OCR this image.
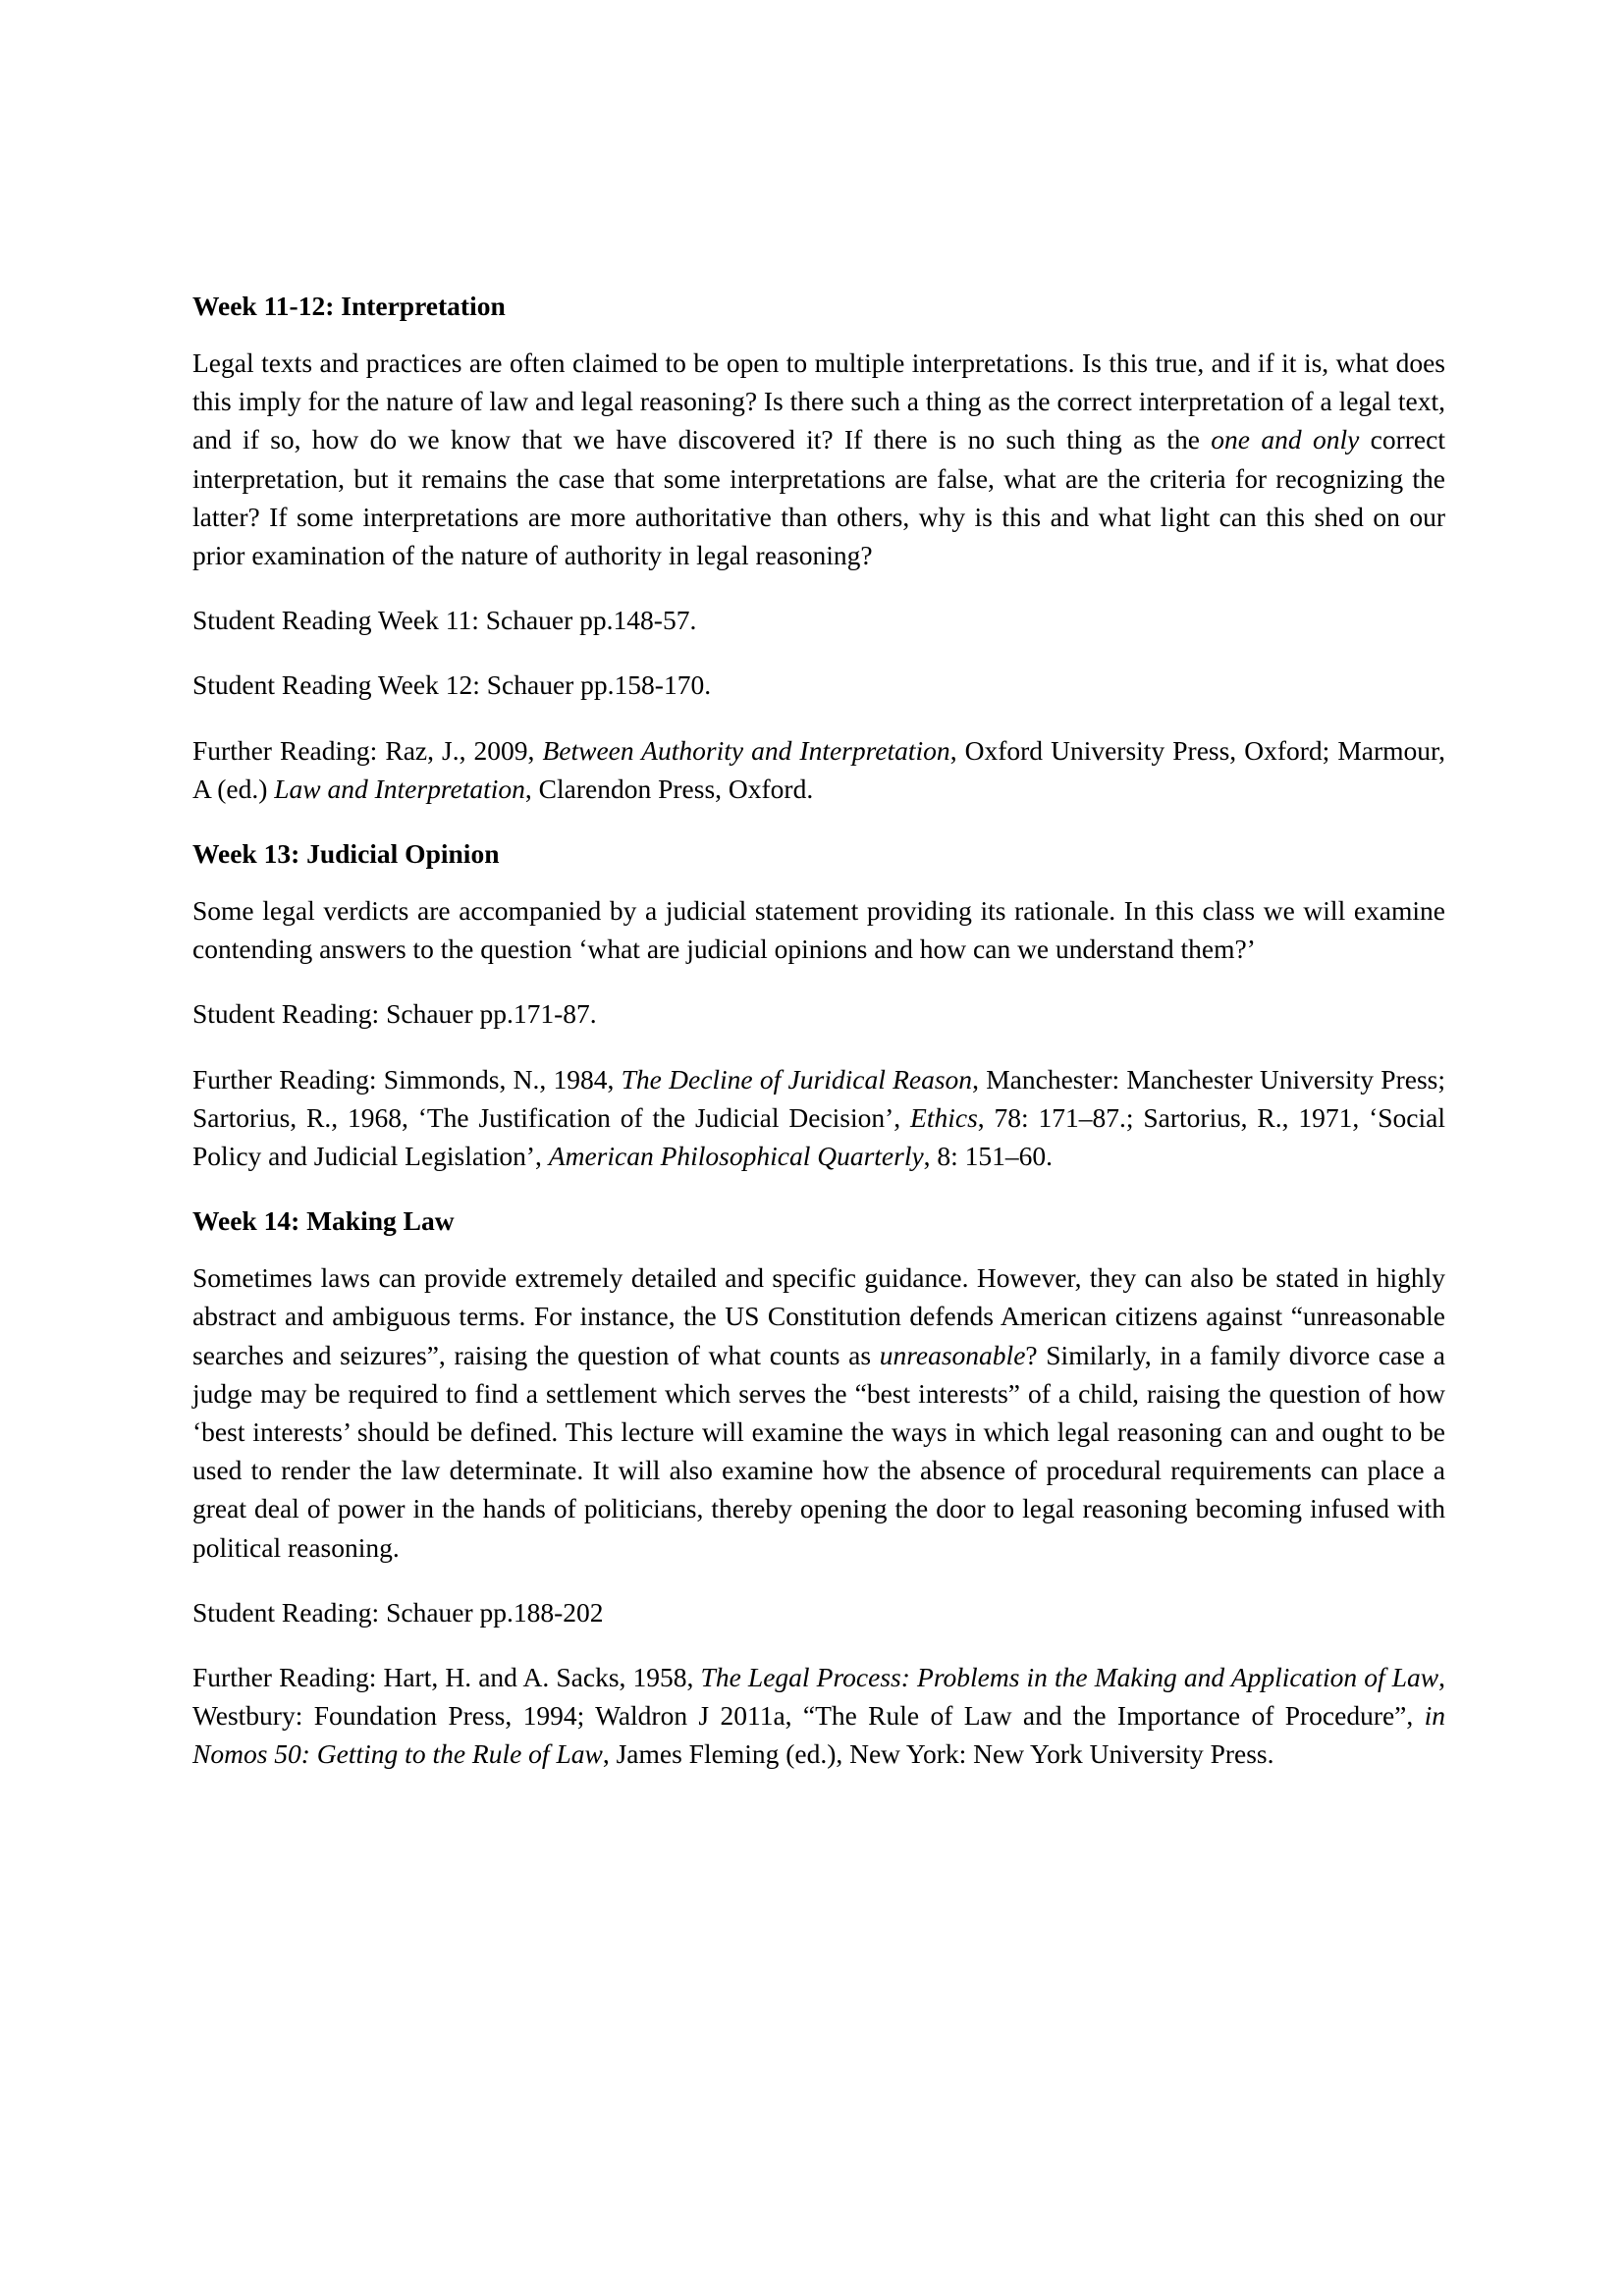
Week 11-12: Interpretation

Legal texts and practices are often claimed to be open to multiple interpretations. Is this true, and if it is, what does this imply for the nature of law and legal reasoning? Is there such a thing as the correct interpretation of a legal text, and if so, how do we know that we have discovered it? If there is no such thing as the one and only correct interpretation, but it remains the case that some interpretations are false, what are the criteria for recognizing the latter? If some interpretations are more authoritative than others, why is this and what light can this shed on our prior examination of the nature of authority in legal reasoning?

Student Reading Week 11: Schauer pp.148-57.

Student Reading Week 12: Schauer pp.158-170.

Further Reading: Raz, J., 2009, Between Authority and Interpretation, Oxford University Press, Oxford; Marmour, A (ed.) Law and Interpretation, Clarendon Press, Oxford.

Week 13: Judicial Opinion

Some legal verdicts are accompanied by a judicial statement providing its rationale. In this class we will examine contending answers to the question ‘what are judicial opinions and how can we understand them?’

Student Reading: Schauer pp.171-87.

Further Reading: Simmonds, N., 1984, The Decline of Juridical Reason, Manchester: Manchester University Press; Sartorius, R., 1968, ‘The Justification of the Judicial Decision’, Ethics, 78: 171–87.; Sartorius, R., 1971, ‘Social Policy and Judicial Legislation’, American Philosophical Quarterly, 8: 151–60.

Week 14: Making Law

Sometimes laws can provide extremely detailed and specific guidance. However, they can also be stated in highly abstract and ambiguous terms. For instance, the US Constitution defends American citizens against “unreasonable searches and seizures”, raising the question of what counts as unreasonable? Similarly, in a family divorce case a judge may be required to find a settlement which serves the “best interests” of a child, raising the question of how ‘best interests’ should be defined. This lecture will examine the ways in which legal reasoning can and ought to be used to render the law determinate. It will also examine how the absence of procedural requirements can place a great deal of power in the hands of politicians, thereby opening the door to legal reasoning becoming infused with political reasoning.

Student Reading: Schauer pp.188-202

Further Reading: Hart, H. and A. Sacks, 1958, The Legal Process: Problems in the Making and Application of Law, Westbury: Foundation Press, 1994; Waldron J 2011a, “The Rule of Law and the Importance of Procedure”, in Nomos 50: Getting to the Rule of Law, James Fleming (ed.), New York: New York University Press.
